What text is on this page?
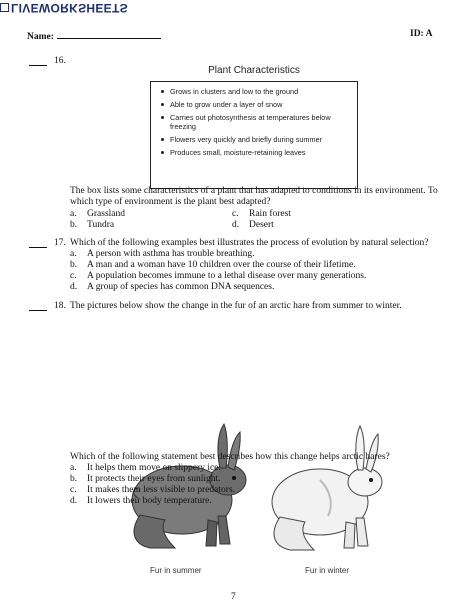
LIVEWORKSHEETS
Name:	ID: A
16.
Plant Characteristics
Grows in clusters and low to the ground
Able to grow under a layer of snow
Carries out photosynthesis at temperatures below freezing
Flowers very quickly and briefly during summer
Produces small, moisture-retaining leaves
The box lists some characteristics of a plant that has adapted to conditions in its environment. To
which type of environment is the plant best adapted?
a. Grassland	c. Rain forest
b. Tundra	d. Desert
17. Which of the following examples best illustrates the process of evolution by natural selection?
a. A person with asthma has trouble breathing.
b. A man and a woman have 10 children over the course of their lifetime.
c. A population becomes immune to a lethal disease over many generations.
d. A group of species has common DNA sequences.
18. The pictures below show the change in the fur of an arctic hare from summer to winter.
Fur in summer	Fur in winter
Which of the following statement best describes how this change helps arctic hares?
a. It helps them move on slippery ice.
b. It protects their eyes from sunlight.
c. It makes them less visible to predators.
d. It lowers their body temperature.
7
